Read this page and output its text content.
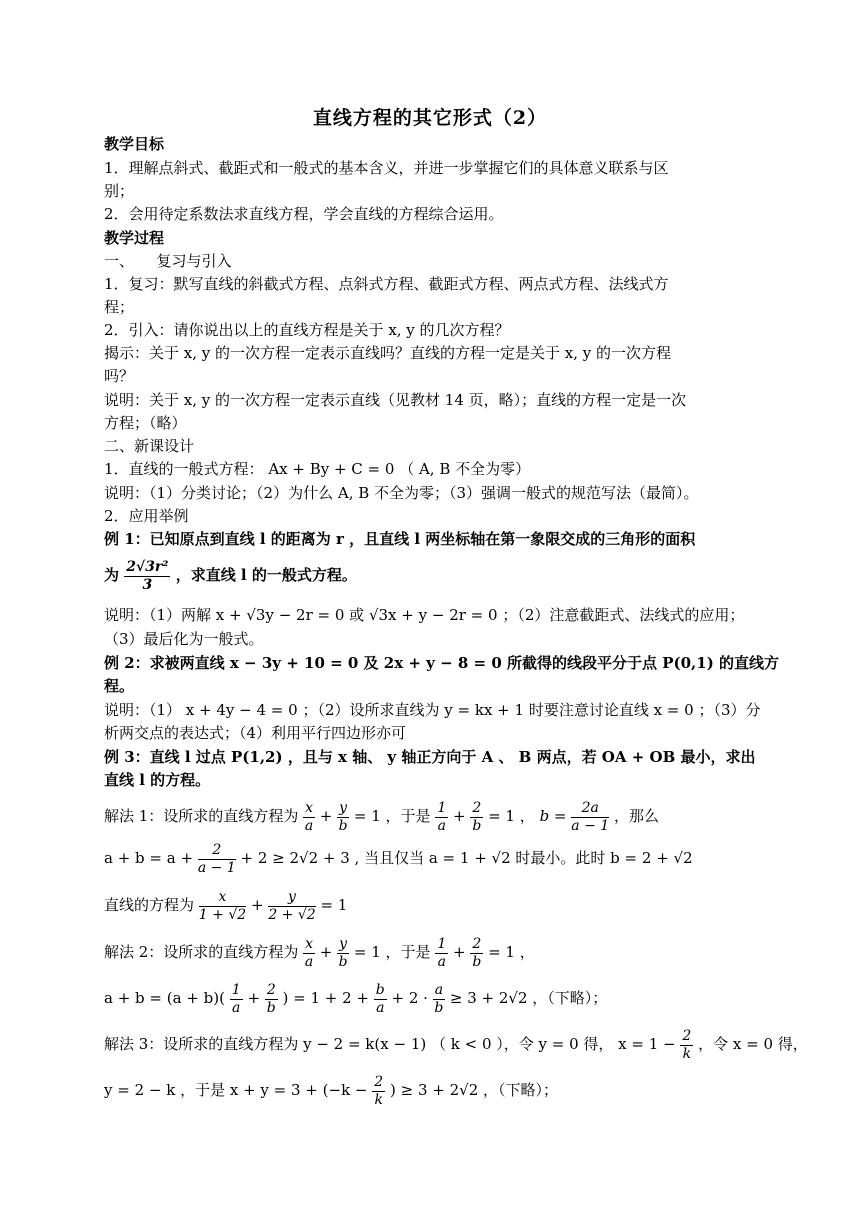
直线方程的其它形式（2）
教学目标
1．理解点斜式、截距式和一般式的基本含义，并进一步掌握它们的具体意义联系与区
别；
2．会用待定系数法求直线方程，学会直线的方程综合运用。
教学过程
一、　　复习与引入
1．复习：默写直线的斜截式方程、点斜式方程、截距式方程、两点式方程、法线式方
程；
2．引入：请你说出以上的直线方程是关于 x, y 的几次方程？
揭示：关于 x, y 的一次方程一定表示直线吗？直线的方程一定是关于 x, y 的一次方程
吗？
说明：关于 x, y 的一次方程一定表示直线（见教材 14 页，略）；直线的方程一定是一次
方程；（略）
二、新课设计
1．直线的一般式方程： Ax + By + C = 0 （ A, B 不全为零）
说明：（1）分类讨论；（2）为什么 A, B 不全为零；（3）强调一般式的规范写法（最简）。
2．应用举例
例 1：已知原点到直线 l 的距离为 r ，且直线 l 两坐标轴在第一象限交成的三角形的面积
为 $\frac{\text{2√3r²}}{3}$ ，求直线 l 的一般式方程。
说明：（1）两解 x + √3y − 2r = 0 或 √3x + y − 2r = 0 ；（2）注意截距式、法线式的应用；
（3）最后化为一般式。
例 2：求被两直线 x − 3y + 10 = 0 及 2x + y − 8 = 0 所截得的线段平分于点 P(0,1) 的直线方
程。
说明：（1） x + 4y − 4 = 0 ；（2）设所求直线为 y = kx + 1 时要注意讨论直线 x = 0 ；（3）分
析两交点的表达式；（4）利用平行四边形亦可
例 3：直线 l 过点 P(1,2) ，且与 x 轴、 y 轴正方向于 A 、 B 两点，若 OA + OB 最小，求出
直线 l 的方程。
解法 1：设所求的直线方程为 $\frac{x}{a} + \frac{y}{b} = 1$ ，于是 $\frac{1}{a} + \frac{2}{b} = 1$ ， $b = \frac{2a}{a - 1}$ ，那么
$a + b = a + \frac{2}{a - 1} + 2 \ge 2√2 + 3$ , 当且仅当 a = 1 + √2 时最小。此时 b = 2 + √2
直线的方程为 $\frac{x}{1 + √2} + \frac{y}{2 + √2} = 1$
解法 2：设所求的直线方程为 $\frac{x}{a} + \frac{y}{b} = 1$ ，于是 $\frac{1}{a} + \frac{2}{b} = 1$ ，
$a + b = (a + b)( \frac{1}{a} + \frac{2}{b}$ ) = $1 + 2 + \frac{b}{a} + 2 \cdot \frac{a}{b} \ge 3 + 2√2$ ，（下略）；
解法 3：设所求的直线方程为 y − 2 = k(x − 1) （ k < 0 ），令 y = 0 得， $x = 1 - \frac{2}{k}$ ，令 x = 0 得，
y = 2 − k ，于是 $x + y = 3 + (-k - \frac{2}{k}$ ) ≥ 3 + 2√2 ，（下略）；
